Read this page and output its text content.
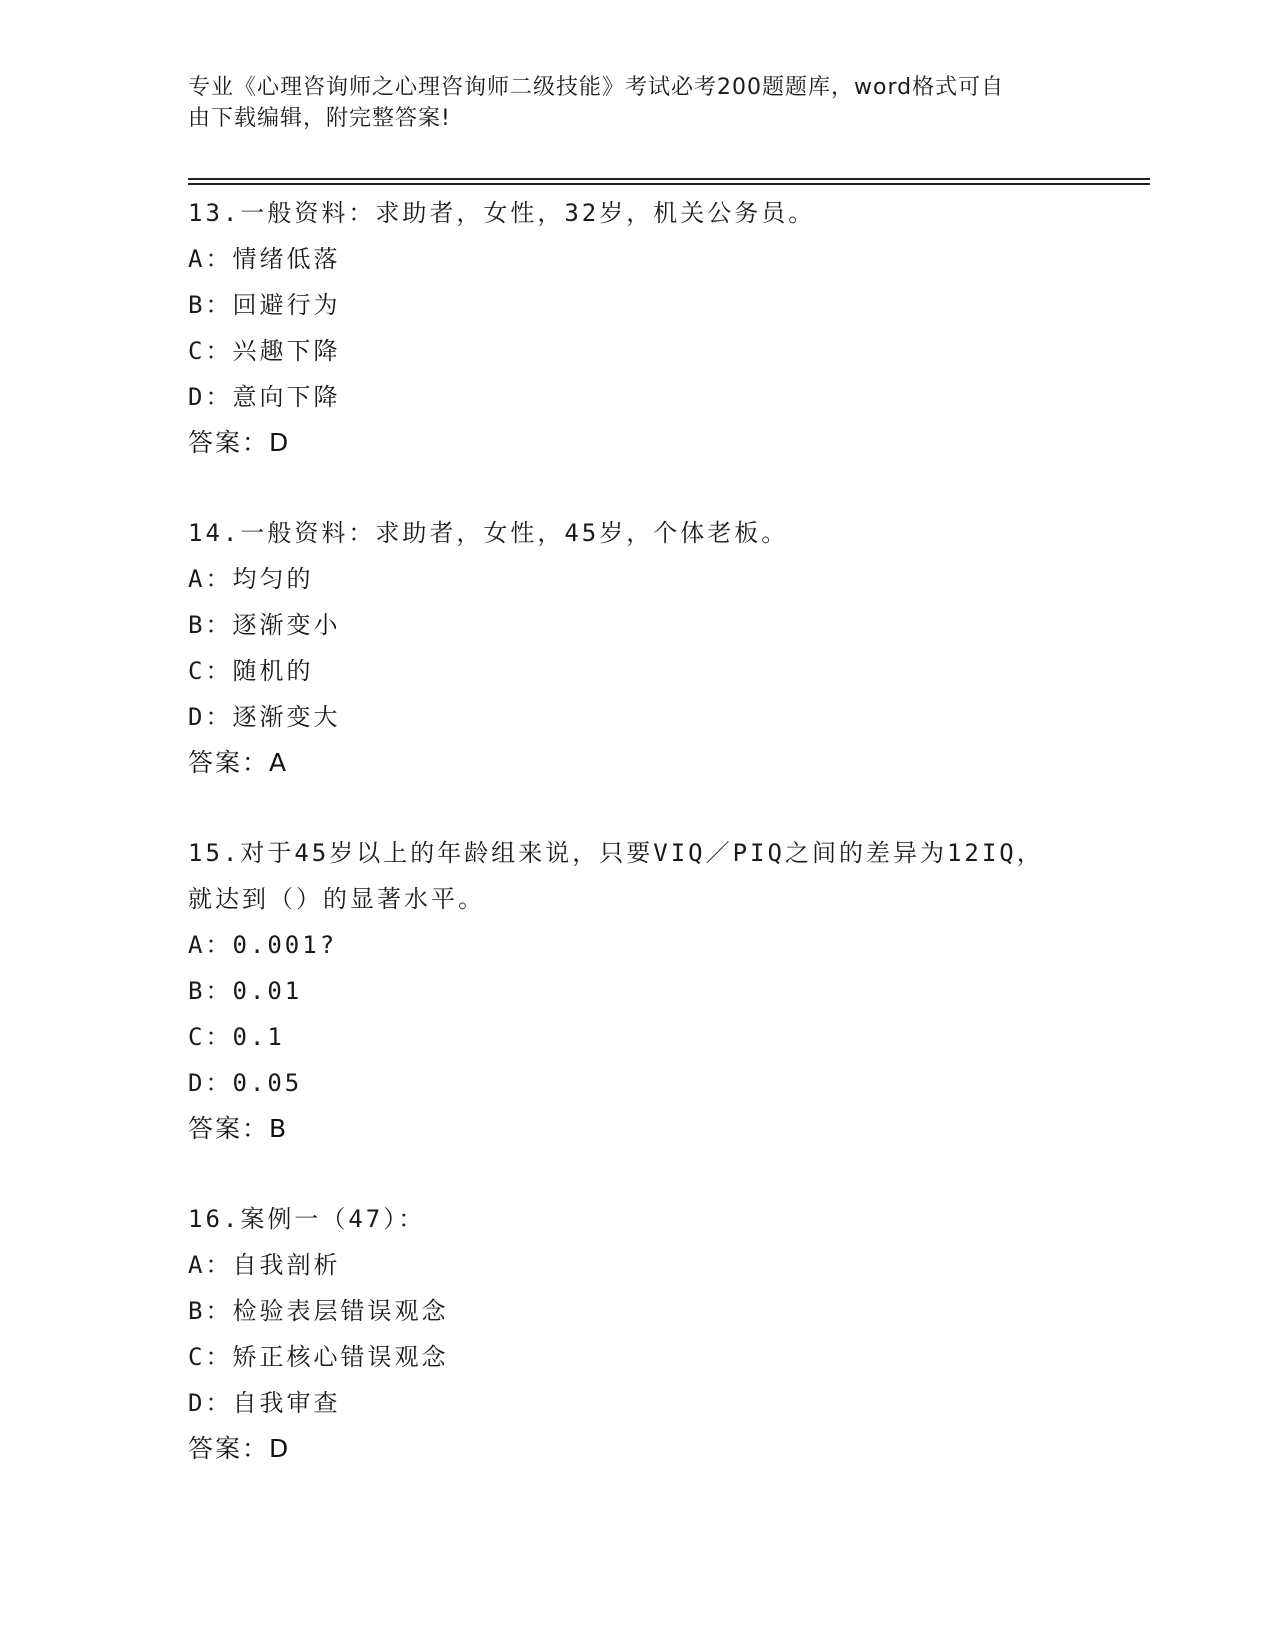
专业《心理咨询师之心理咨询师二级技能》考试必考200题题库，word格式可自
由下载编辑，附完整答案!
13.一般资料：求助者，女性，32岁，机关公务员。
A：情绪低落
B：回避行为
C：兴趣下降
D：意向下降
答案：D
14.一般资料：求助者，女性，45岁，个体老板。
A：均匀的
B：逐渐变小
C：随机的
D：逐渐变大
答案：A
15.对于45岁以上的年龄组来说，只要VIQ／PIQ之间的差异为12IQ，
就达到（）的显著水平。
A：0.001?
B：0.01
C：0.1
D：0.05
答案：B
16.案例一（47）：
A：自我剖析
B：检验表层错误观念
C：矫正核心错误观念
D：自我审查
答案：D
